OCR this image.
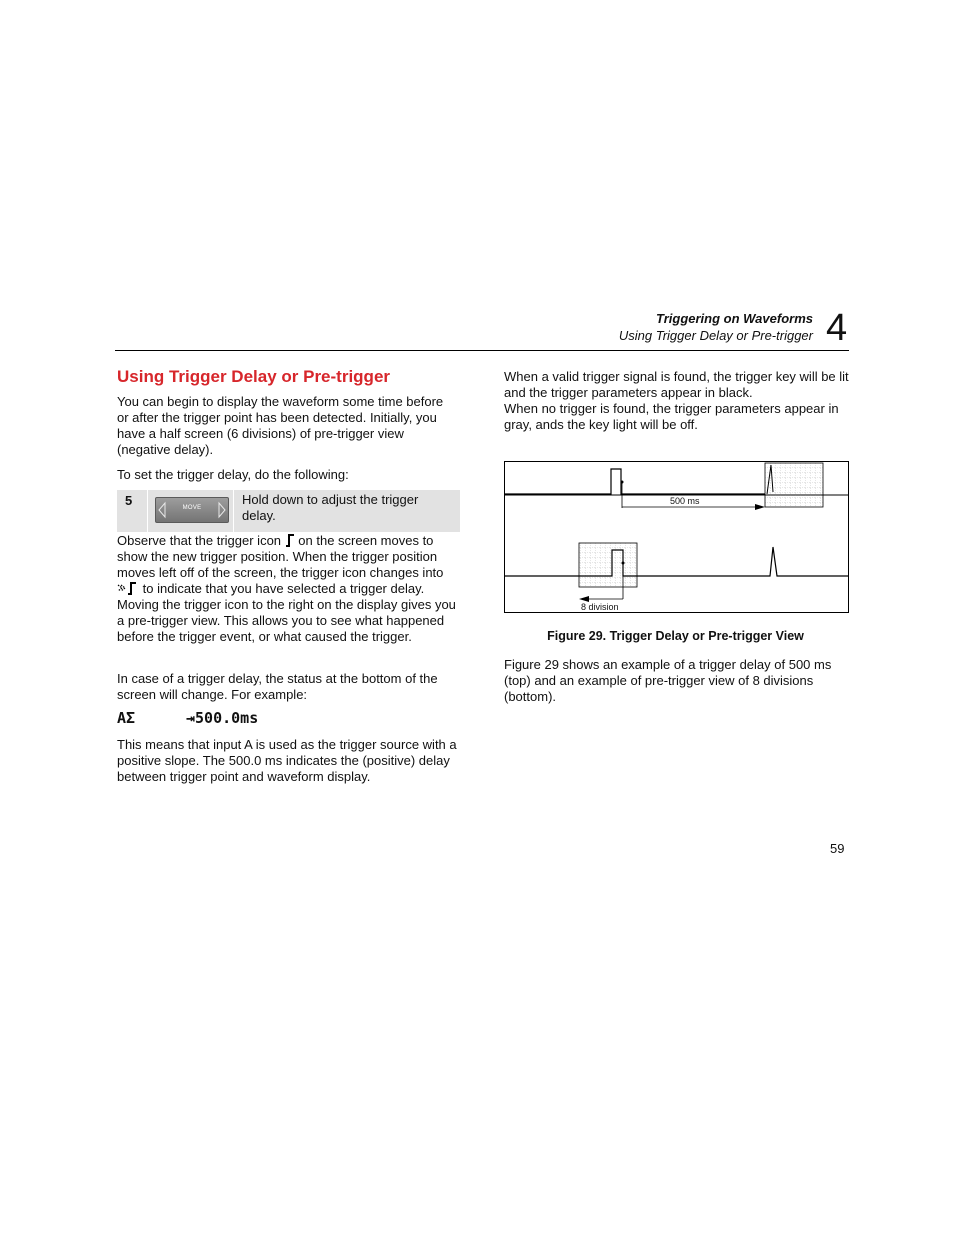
Triggering on Waveforms
Using Trigger Delay or Pre-trigger 4
Using Trigger Delay or Pre-trigger
You can begin to display the waveform some time before or after the trigger point has been detected. Initially, you have a half screen (6 divisions) of pre-trigger view (negative delay).
To set the trigger delay, do the following:
5	MOVE
Hold down to adjust the trigger delay.
Observe that the trigger icon on the screen moves to show the new trigger position. When the trigger position moves left off of the screen, the trigger icon changes into  to indicate that you have selected a trigger delay. Moving the trigger icon to the right on the display gives you a pre-trigger view. This allows you to see what happened before the trigger event, or what caused the trigger.
In case of a trigger delay, the status at the bottom of the screen will change. For example:
AƩ	⇥500.0ms
This means that input A is used as the trigger source with a positive slope. The 500.0 ms indicates the (positive) delay between trigger point and waveform display.
When a valid trigger signal is found, the trigger key will be lit and the trigger parameters appear in black.
When no trigger is found, the trigger parameters appear in gray, ands the key light will be off.
500 ms
8 division
Figure 29. Trigger Delay or Pre-trigger View
Figure 29 shows an example of a trigger delay of 500 ms (top) and an example of pre-trigger view of 8 divisions (bottom).
59
